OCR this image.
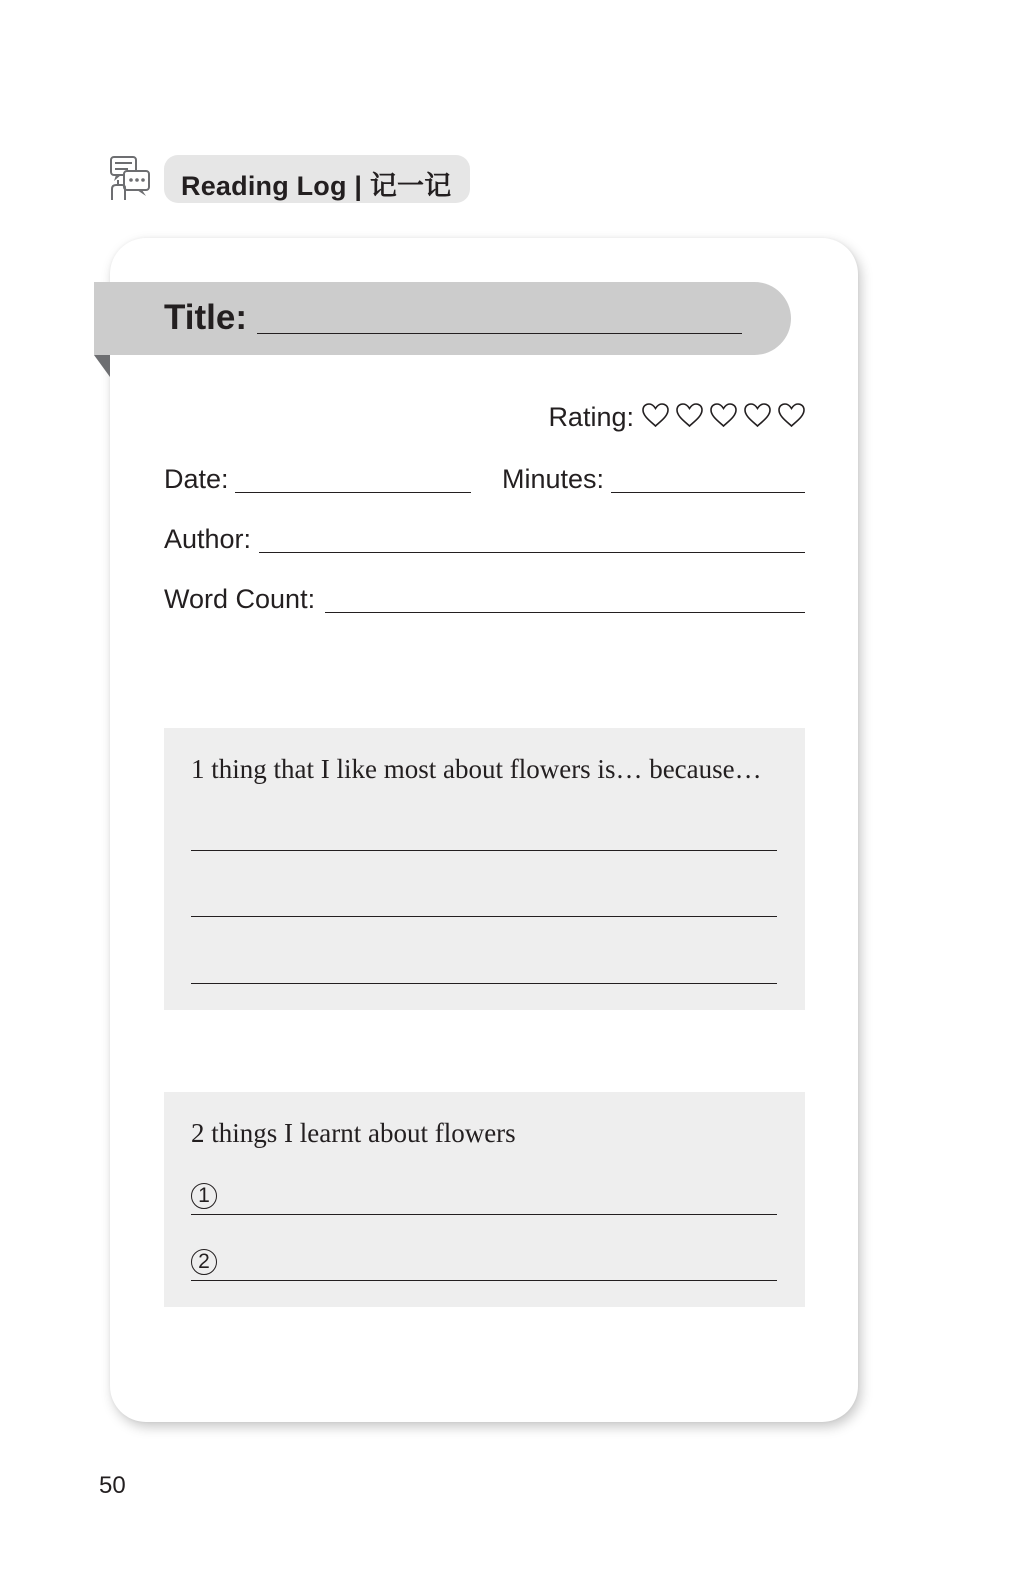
Reading Log | 记一记
Title:
Rating:
Date:	Minutes:
Author:
Word Count:
1 thing that I like most about flowers is… because…
2 things I learnt about flowers
1
2
50
